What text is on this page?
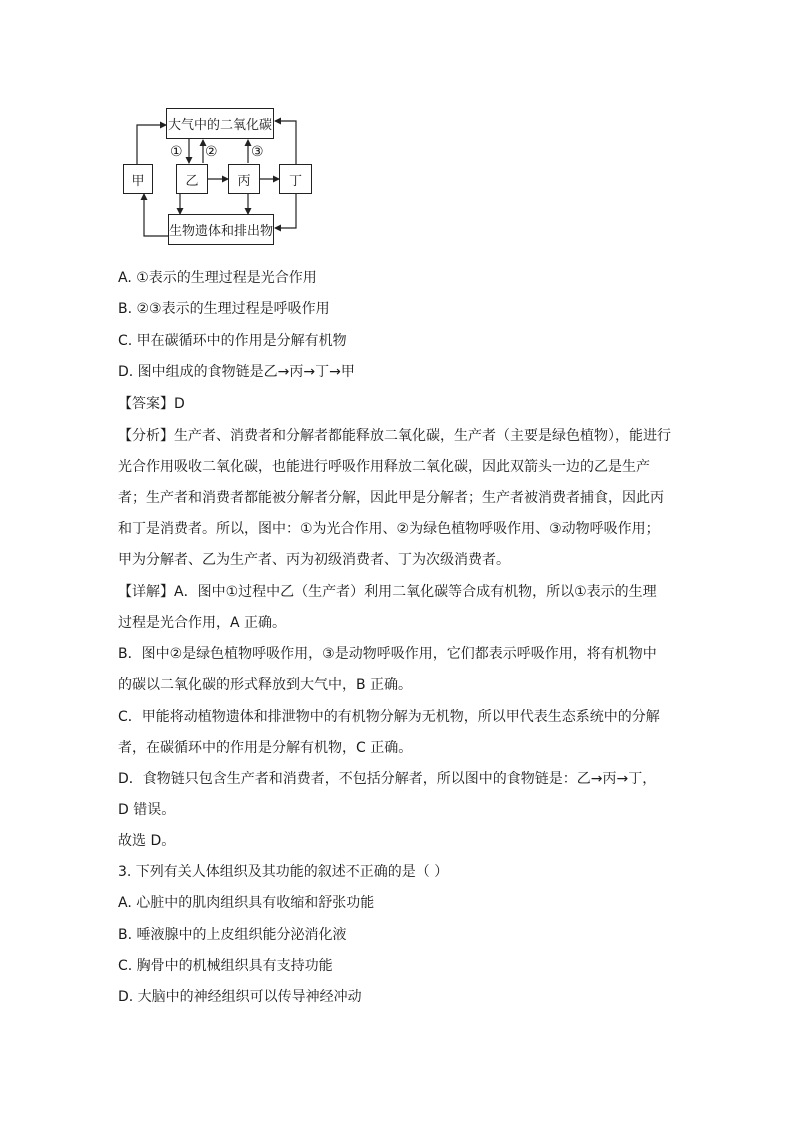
大气中的二氧化碳
甲	乙	丙	丁
生物遗体和排出物
① ② ③
A. ①表示的生理过程是光合作用
B. ②③表示的生理过程是呼吸作用
C. 甲在碳循环中的作用是分解有机物
D. 图中组成的食物链是乙→丙→丁→甲
【答案】D
【分析】生产者、消费者和分解者都能释放二氧化碳，生产者（主要是绿色植物），能进行
光合作用吸收二氧化碳，也能进行呼吸作用释放二氧化碳，因此双箭头一边的乙是生产
者；生产者和消费者都能被分解者分解，因此甲是分解者；生产者被消费者捕食，因此丙
和丁是消费者。所以，图中：①为光合作用、②为绿色植物呼吸作用、③动物呼吸作用；
甲为分解者、乙为生产者、丙为初级消费者、丁为次级消费者。
【详解】A．图中①过程中乙（生产者）利用二氧化碳等合成有机物，所以①表示的生理
过程是光合作用，A 正确。
B．图中②是绿色植物呼吸作用，③是动物呼吸作用，它们都表示呼吸作用，将有机物中
的碳以二氧化碳的形式释放到大气中，B 正确。
C．甲能将动植物遗体和排泄物中的有机物分解为无机物，所以甲代表生态系统中的分解
者，在碳循环中的作用是分解有机物，C 正确。
D．食物链只包含生产者和消费者，不包括分解者，所以图中的食物链是：乙→丙→丁，
D 错误。
故选 D。
3. 下列有关人体组织及其功能的叙述不正确的是（ ）
A. 心脏中的肌肉组织具有收缩和舒张功能
B. 唾液腺中的上皮组织能分泌消化液
C. 胸骨中的机械组织具有支持功能
D. 大脑中的神经组织可以传导神经冲动
